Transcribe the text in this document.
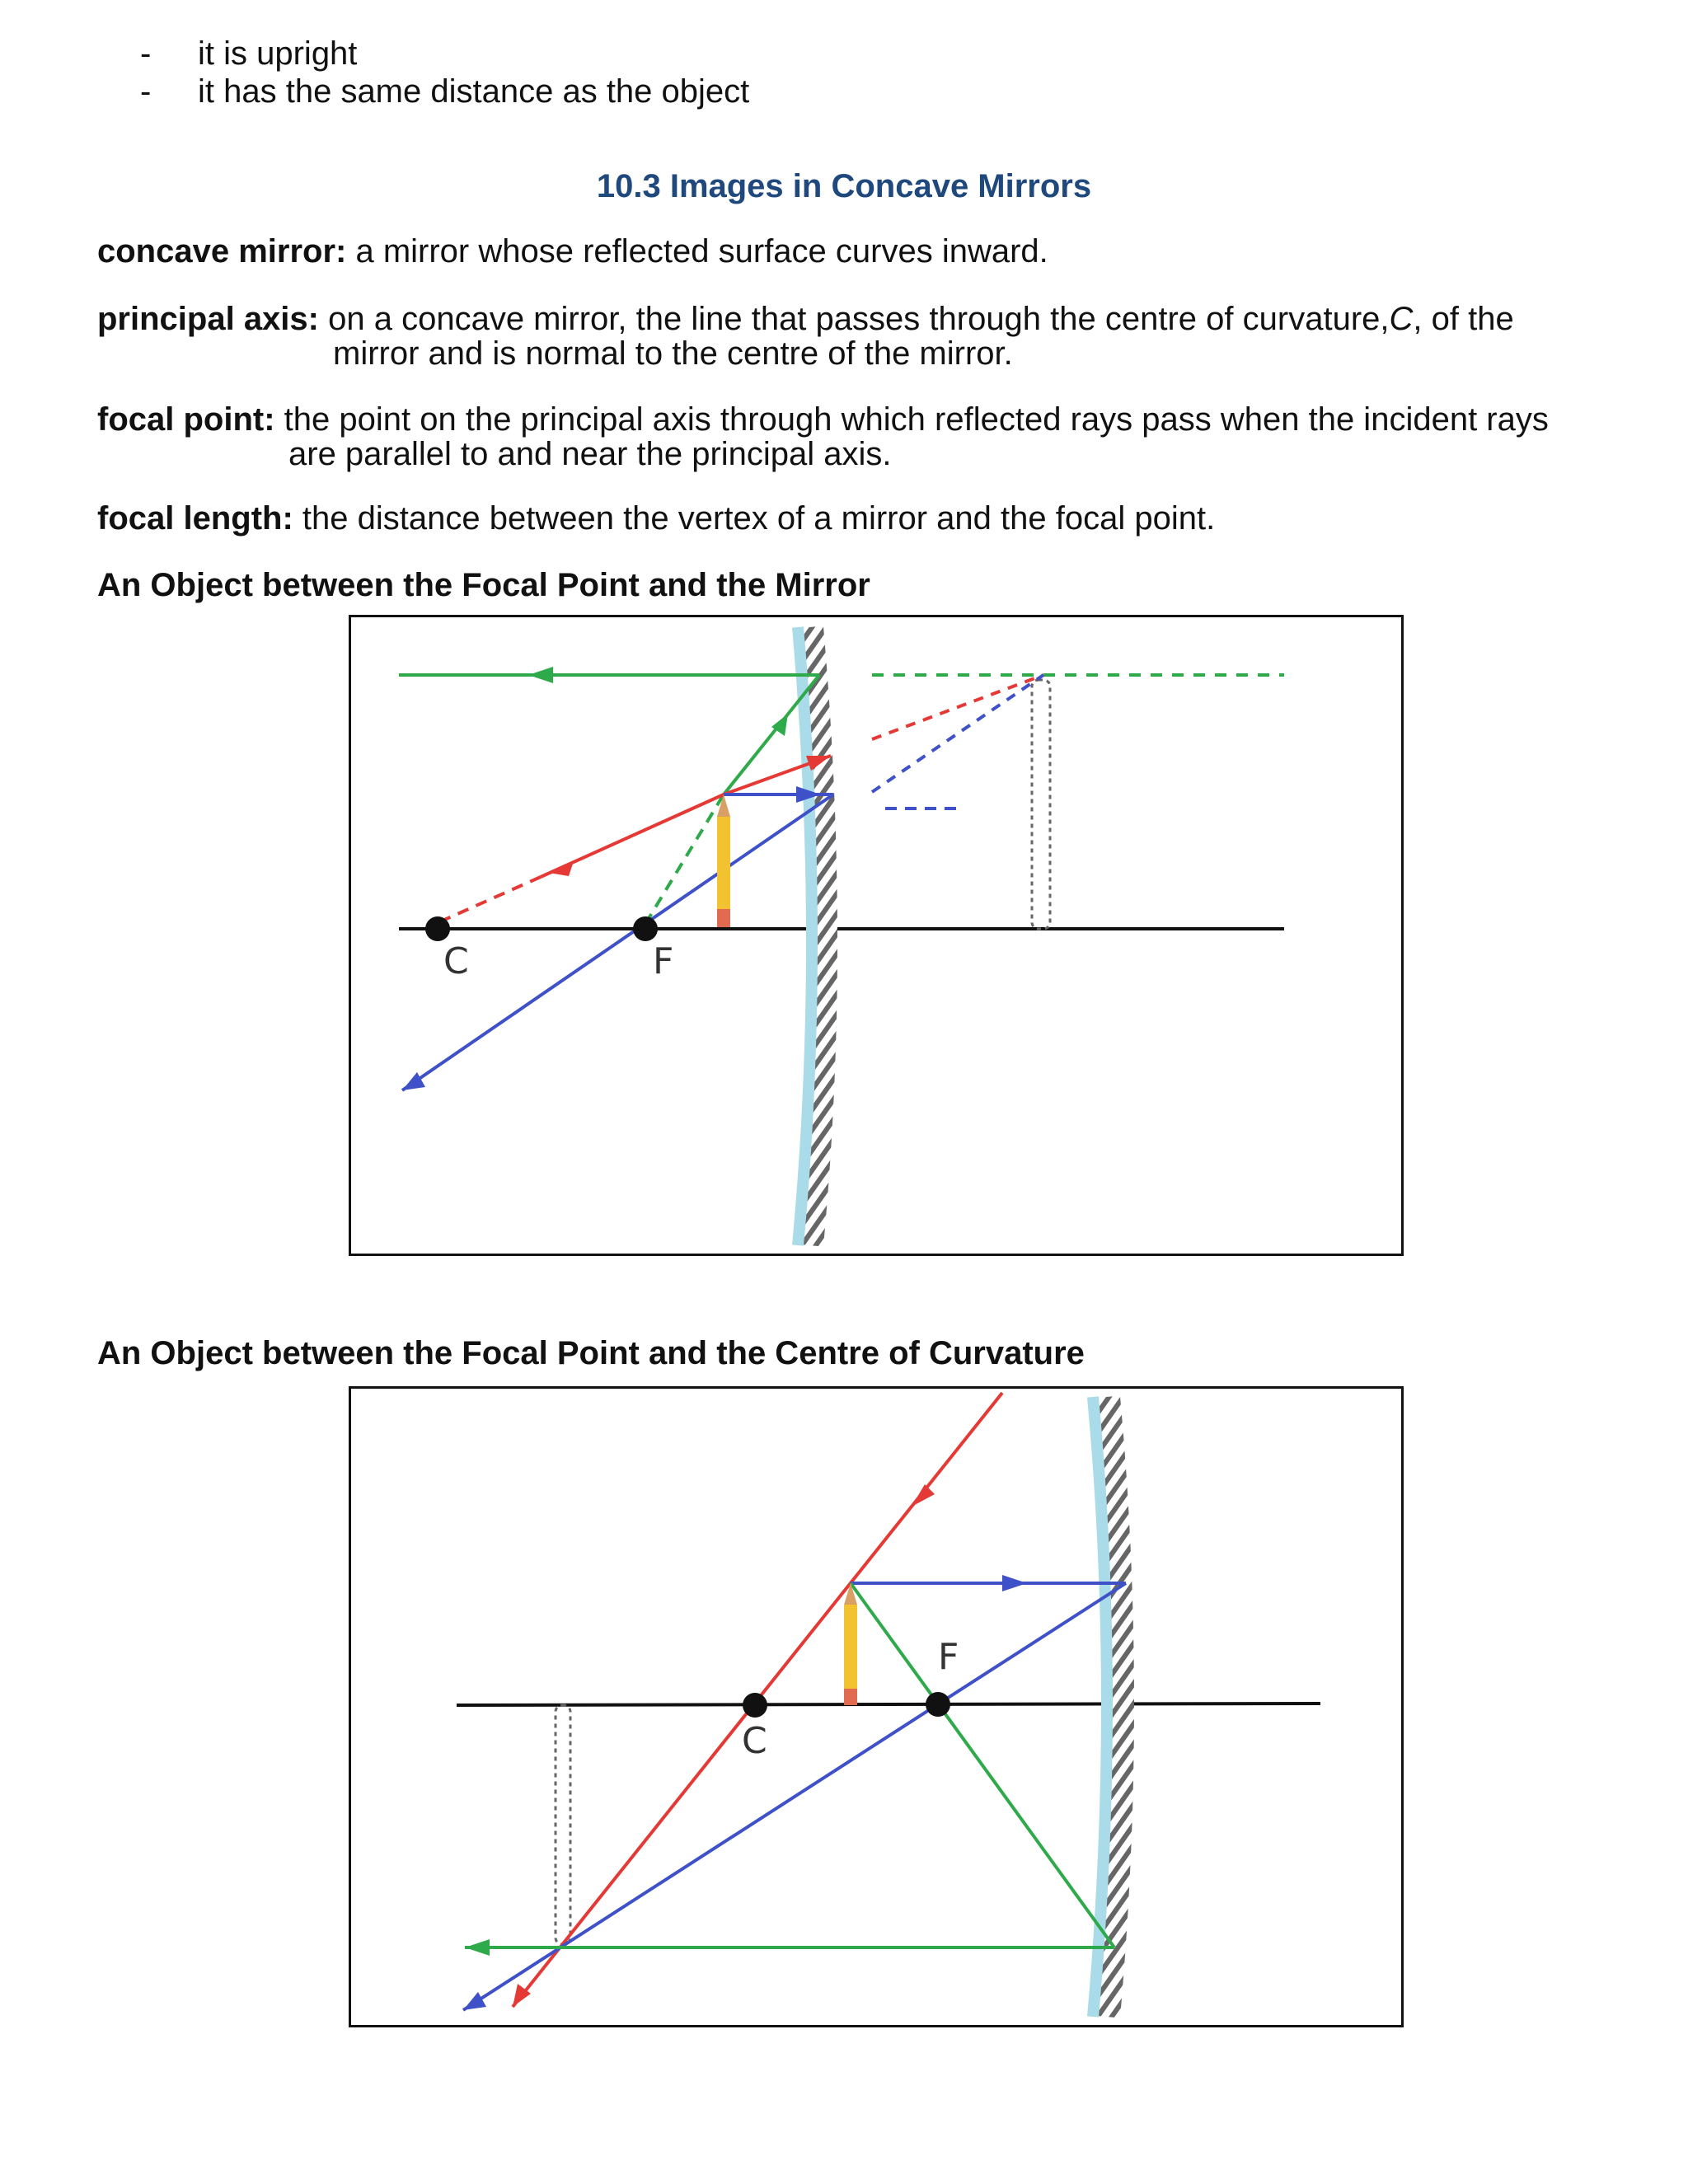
-	it is upright
-	it has the same distance as the object
10.3 Images in Concave Mirrors
concave mirror: a mirror whose reflected surface curves inward.
principal axis: on a concave mirror, the line that passes through the centre of curvature,C, of the
mirror and is normal to the centre of the mirror.
focal point: the point on the principal axis through which reflected rays pass when the incident rays
are parallel to and near the principal axis.
focal length: the distance between the vertex of a mirror and the focal point.
An Object between the Focal Point and the Mirror
C	F
An Object between the Focal Point and the Centre of Curvature
C
F
